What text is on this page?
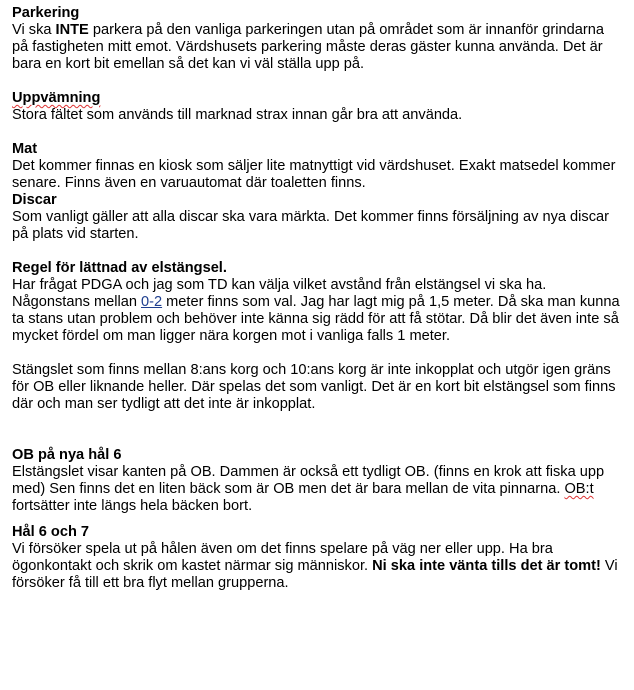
Parkering

Vi ska INTE parkera på den vanliga parkeringen utan på området som är innanför grindarna på fastigheten mitt emot. Värdshusets parkering måste deras gäster kunna använda. Det är bara en kort bit emellan så det kan vi väl ställa upp på.

Uppvämning

Stora fältet som används till marknad strax innan går bra att använda.

Mat

Det kommer finnas en kiosk som säljer lite matnyttigt vid värdshuset. Exakt matsedel kommer senare. Finns även en varuautomat där toaletten finns.

Discar

Som vanligt gäller att alla discar ska vara märkta. Det kommer finns försäljning av nya discar på plats vid starten.

Regel för lättnad av elstängsel.

Har frågat PDGA och jag som TD kan välja vilket avstånd från elstängsel vi ska ha. Någonstans mellan 0-2 meter finns som val. Jag har lagt mig på 1,5 meter. Då ska man kunna ta stans utan problem och behöver inte känna sig rädd för att få stötar. Då blir det även inte så mycket fördel om man ligger nära korgen mot i vanliga falls 1 meter.

Stängslet som finns mellan 8:ans korg och 10:ans korg är inte inkopplat och utgör igen gräns för OB eller liknande heller. Där spelas det som vanligt. Det är en kort bit elstängsel som finns där och man ser tydligt att det inte är inkopplat.

OB på nya hål 6

Elstängslet visar kanten på OB. Dammen är också ett tydligt OB. (finns en krok att fiska upp med) Sen finns det en liten bäck som är OB men det är bara mellan de vita pinnarna. OB:t fortsätter inte längs hela bäcken bort.

Hål 6 och 7

Vi försöker spela ut på hålen även om det finns spelare på väg ner eller upp. Ha bra ögonkontakt och skrik om kastet närmar sig människor. Ni ska inte vänta tills det är tomt! Vi försöker få till ett bra flyt mellan grupperna.
